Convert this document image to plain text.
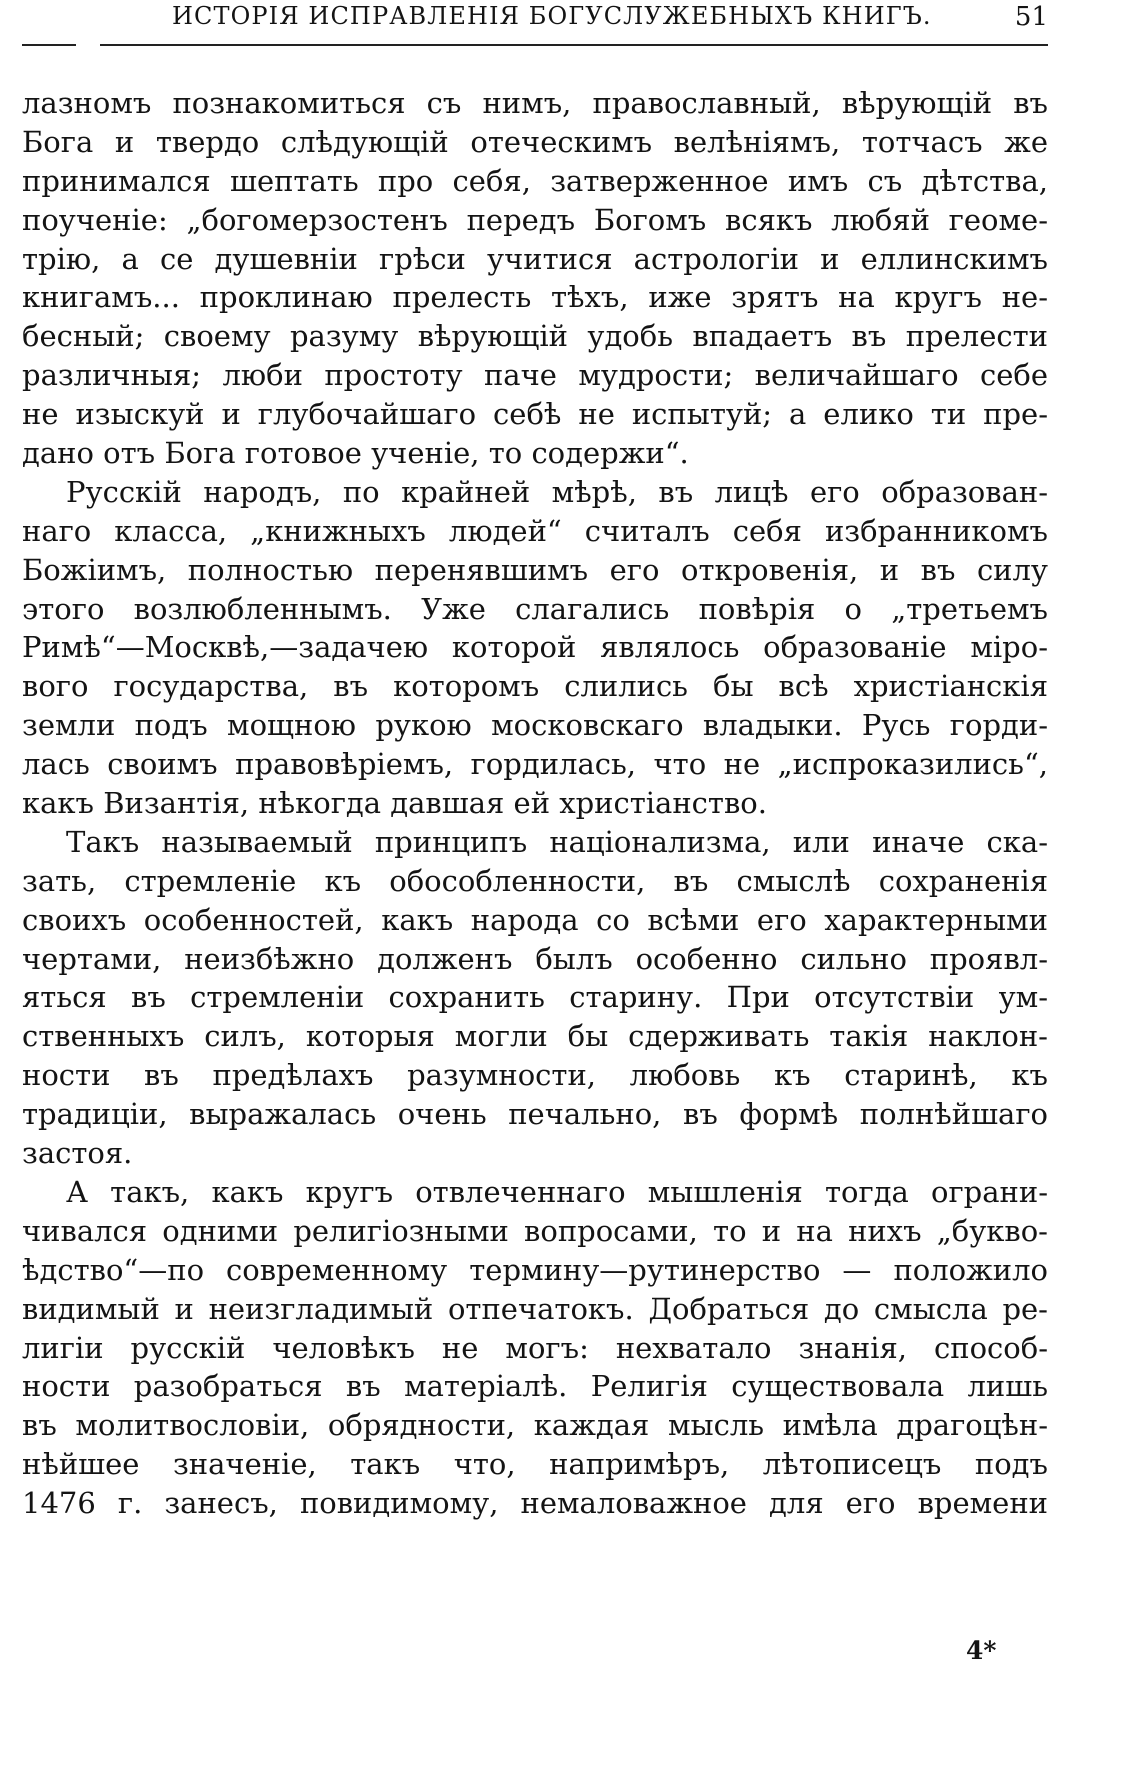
ИСТОРІЯ ИСПРАВЛЕНІЯ БОГУСЛУЖЕБНЫХЪ КНИГЪ.	51
лазномъ познакомиться съ нимъ, православный, вѣрующій въ
Бога и твердо слѣдующій отеческимъ велѣніямъ, тотчасъ же
принимался шептать про себя, затверженное имъ съ дѣтства,
поученіе: „богомерзостенъ передъ Богомъ всякъ любяй геоме-
трію, а се душевніи грѣси учитися астрологіи и еллинскимъ
книгамъ... проклинаю прелесть тѣхъ, иже зрятъ на кругъ не-
бесный; своему разуму вѣрующій удобь впадаетъ въ прелести
различныя; люби простоту паче мудрости; величайшаго себе
не изыскуй и глубочайшаго себѣ не испытуй; а елико ти пре-
дано отъ Бога готовое ученіе, то содержи“.
Русскій народъ, по крайней мѣрѣ, въ лицѣ его образован-
наго класса, „книжныхъ людей“ считалъ себя избранникомъ
Божіимъ, полностью перенявшимъ его откровенія, и въ силу
этого возлюбленнымъ. Уже слагались повѣрія о „третьемъ
Римѣ“—Москвѣ,—задачею которой являлось образованіе міро-
вого государства, въ которомъ слились бы всѣ христіанскія
земли подъ мощною рукою московскаго владыки. Русь горди-
лась своимъ правовѣріемъ, гордилась, что не „испроказились“,
какъ Византія, нѣкогда давшая ей христіанство.
Такъ называемый принципъ націонализма, или иначе ска-
зать, стремленіе къ обособленности, въ смыслѣ сохраненія
своихъ особенностей, какъ народа со всѣми его характерными
чертами, неизбѣжно долженъ былъ особенно сильно проявл-
яться въ стремленіи сохранить старину. При отсутствіи ум-
ственныхъ силъ, которыя могли бы сдерживать такія наклон-
ности въ предѣлахъ разумности, любовь къ старинѣ, къ
традиціи, выражалась очень печально, въ формѣ полнѣйшаго
застоя.
А такъ, какъ кругъ отвлеченнаго мышленія тогда ограни-
чивался одними религіозными вопросами, то и на нихъ „букво-
ѣдство“—по современному термину—рутинерство — положило
видимый и неизгладимый отпечатокъ. Добраться до смысла ре-
лигіи русскій человѣкъ не могъ: нехватало знанія, способ-
ности разобраться въ матеріалѣ. Религія существовала лишь
въ молитвословіи, обрядности, каждая мысль имѣла драгоцѣн-
нѣйшее значеніе, такъ что, напримѣръ, лѣтописецъ подъ
1476 г. занесъ, повидимому, немаловажное для его времени
4*
